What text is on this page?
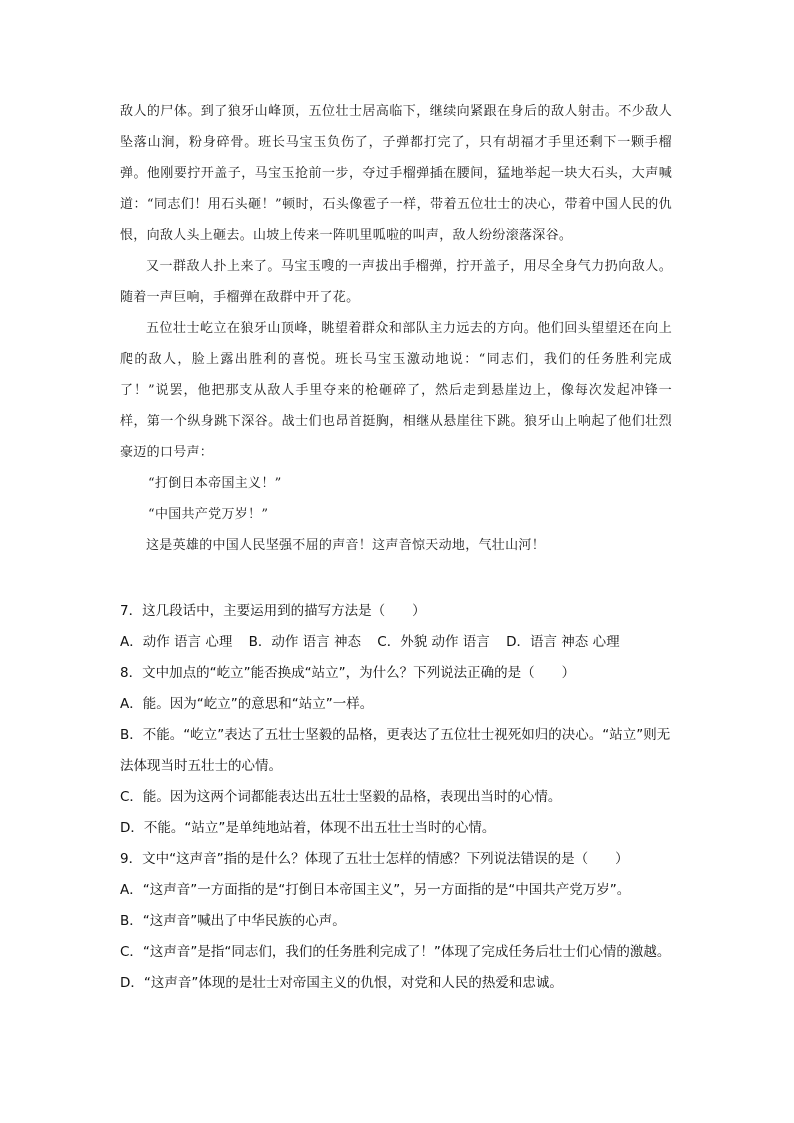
敌人的尸体。到了狼牙山峰顶，五位壮士居高临下，继续向紧跟在身后的敌人射击。不少敌人坠落山涧，粉身碎骨。班长马宝玉负伤了，子弹都打完了，只有胡福才手里还剩下一颗手榴弹。他刚要拧开盖子，马宝玉抢前一步，夺过手榴弹插在腰间，猛地举起一块大石头，大声喊道：“同志们！用石头砸！”顿时，石头像雹子一样，带着五位壮士的决心，带着中国人民的仇恨，向敌人头上砸去。山坡上传来一阵叽里呱啦的叫声，敌人纷纷滚落深谷。

又一群敌人扑上来了。马宝玉嗖的一声拔出手榴弹，拧开盖子，用尽全身气力扔向敌人。随着一声巨响，手榴弹在敌群中开了花。

五位壮士屹立在狼牙山顶峰，眺望着群众和部队主力远去的方向。他们回头望望还在向上爬的敌人，脸上露出胜利的喜悦。班长马宝玉激动地说：“同志们，我们的任务胜利完成了！”说罢，他把那支从敌人手里夺来的枪砸碎了，然后走到悬崖边上，像每次发起冲锋一样，第一个纵身跳下深谷。战士们也昂首挺胸，相继从悬崖往下跳。狼牙山上响起了他们壮烈豪迈的口号声：

“打倒日本帝国主义！”

“中国共产党万岁！”

这是英雄的中国人民坚强不屈的声音！这声音惊天动地，气壮山河！

7．这几段话中，主要运用到的描写方法是（　　）

A．动作 语言 心理 B．动作 语言 神态 C．外貌 动作 语言 D．语言 神态 心理

8．文中加点的“屹立”能否换成“站立”，为什么？下列说法正确的是（　　）

A．能。因为“屹立”的意思和“站立”一样。

B．不能。“屹立”表达了五壮士坚毅的品格，更表达了五位壮士视死如归的决心。“站立”则无法体现当时五壮士的心情。

C．能。因为这两个词都能表达出五壮士坚毅的品格，表现出当时的心情。

D．不能。“站立”是单纯地站着，体现不出五壮士当时的心情。

9．文中“这声音”指的是什么？体现了五壮士怎样的情感？下列说法错误的是（　　）

A．“这声音”一方面指的是“打倒日本帝国主义”，另一方面指的是“中国共产党万岁”。

B．“这声音”喊出了中华民族的心声。

C．“这声音”是指“同志们，我们的任务胜利完成了！”体现了完成任务后壮士们心情的激越。

D．“这声音”体现的是壮士对帝国主义的仇恨，对党和人民的热爱和忠诚。
